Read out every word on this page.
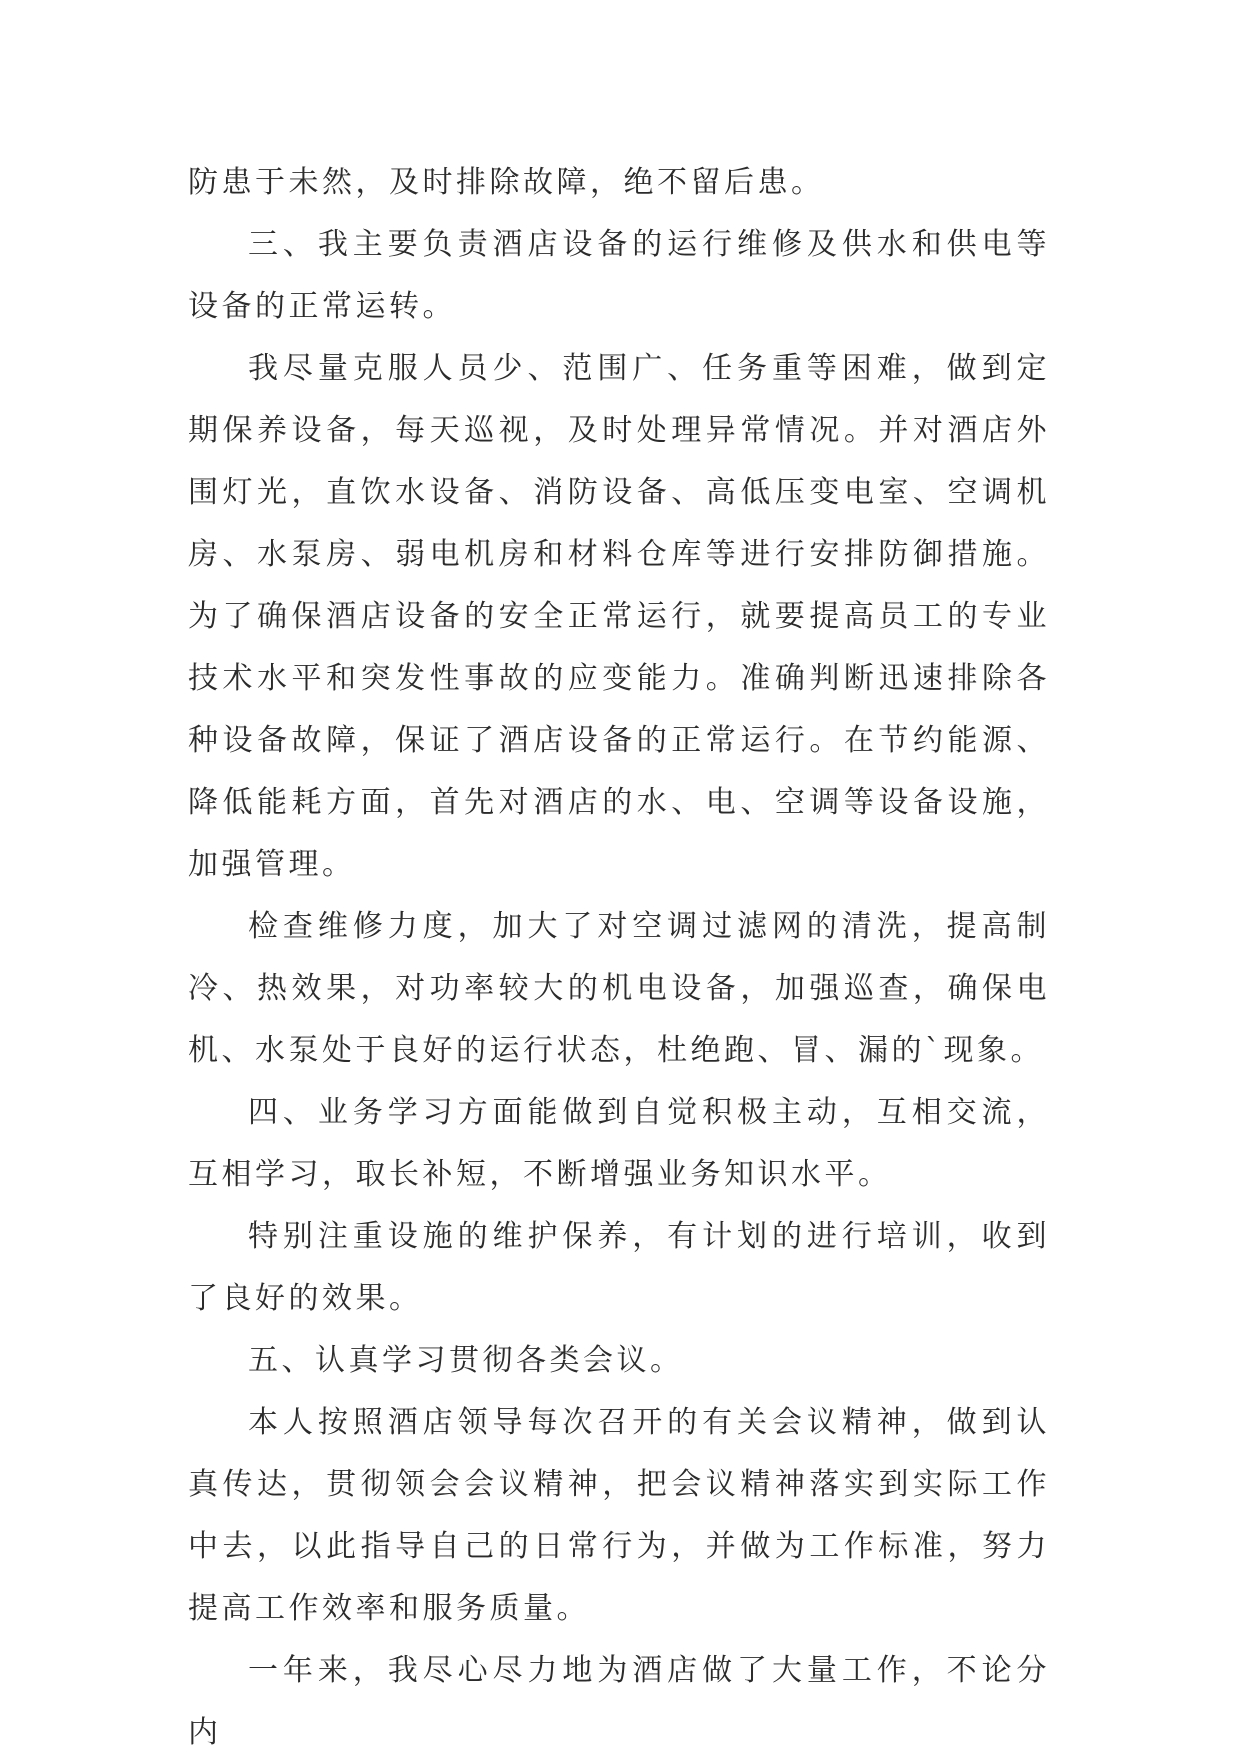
防患于未然，及时排除故障，绝不留后患。

三、我主要负责酒店设备的运行维修及供水和供电等设备的正常运转。

我尽量克服人员少、范围广、任务重等困难，做到定期保养设备，每天巡视，及时处理异常情况。并对酒店外围灯光，直饮水设备、消防设备、高低压变电室、空调机房、水泵房、弱电机房和材料仓库等进行安排防御措施。为了确保酒店设备的安全正常运行，就要提高员工的专业技术水平和突发性事故的应变能力。准确判断迅速排除各种设备故障，保证了酒店设备的正常运行。在节约能源、降低能耗方面，首先对酒店的水、电、空调等设备设施，加强管理。

检查维修力度，加大了对空调过滤网的清洗，提高制冷、热效果，对功率较大的机电设备，加强巡查，确保电机、水泵处于良好的运行状态，杜绝跑、冒、漏的`现象。

四、业务学习方面能做到自觉积极主动，互相交流，互相学习，取长补短，不断增强业务知识水平。

特别注重设施的维护保养，有计划的进行培训，收到了良好的效果。

五、认真学习贯彻各类会议。

本人按照酒店领导每次召开的有关会议精神，做到认真传达，贯彻领会会议精神，把会议精神落实到实际工作中去，以此指导自己的日常行为，并做为工作标准，努力提高工作效率和服务质量。

一年来，我尽心尽力地为酒店做了大量工作，不论分内
